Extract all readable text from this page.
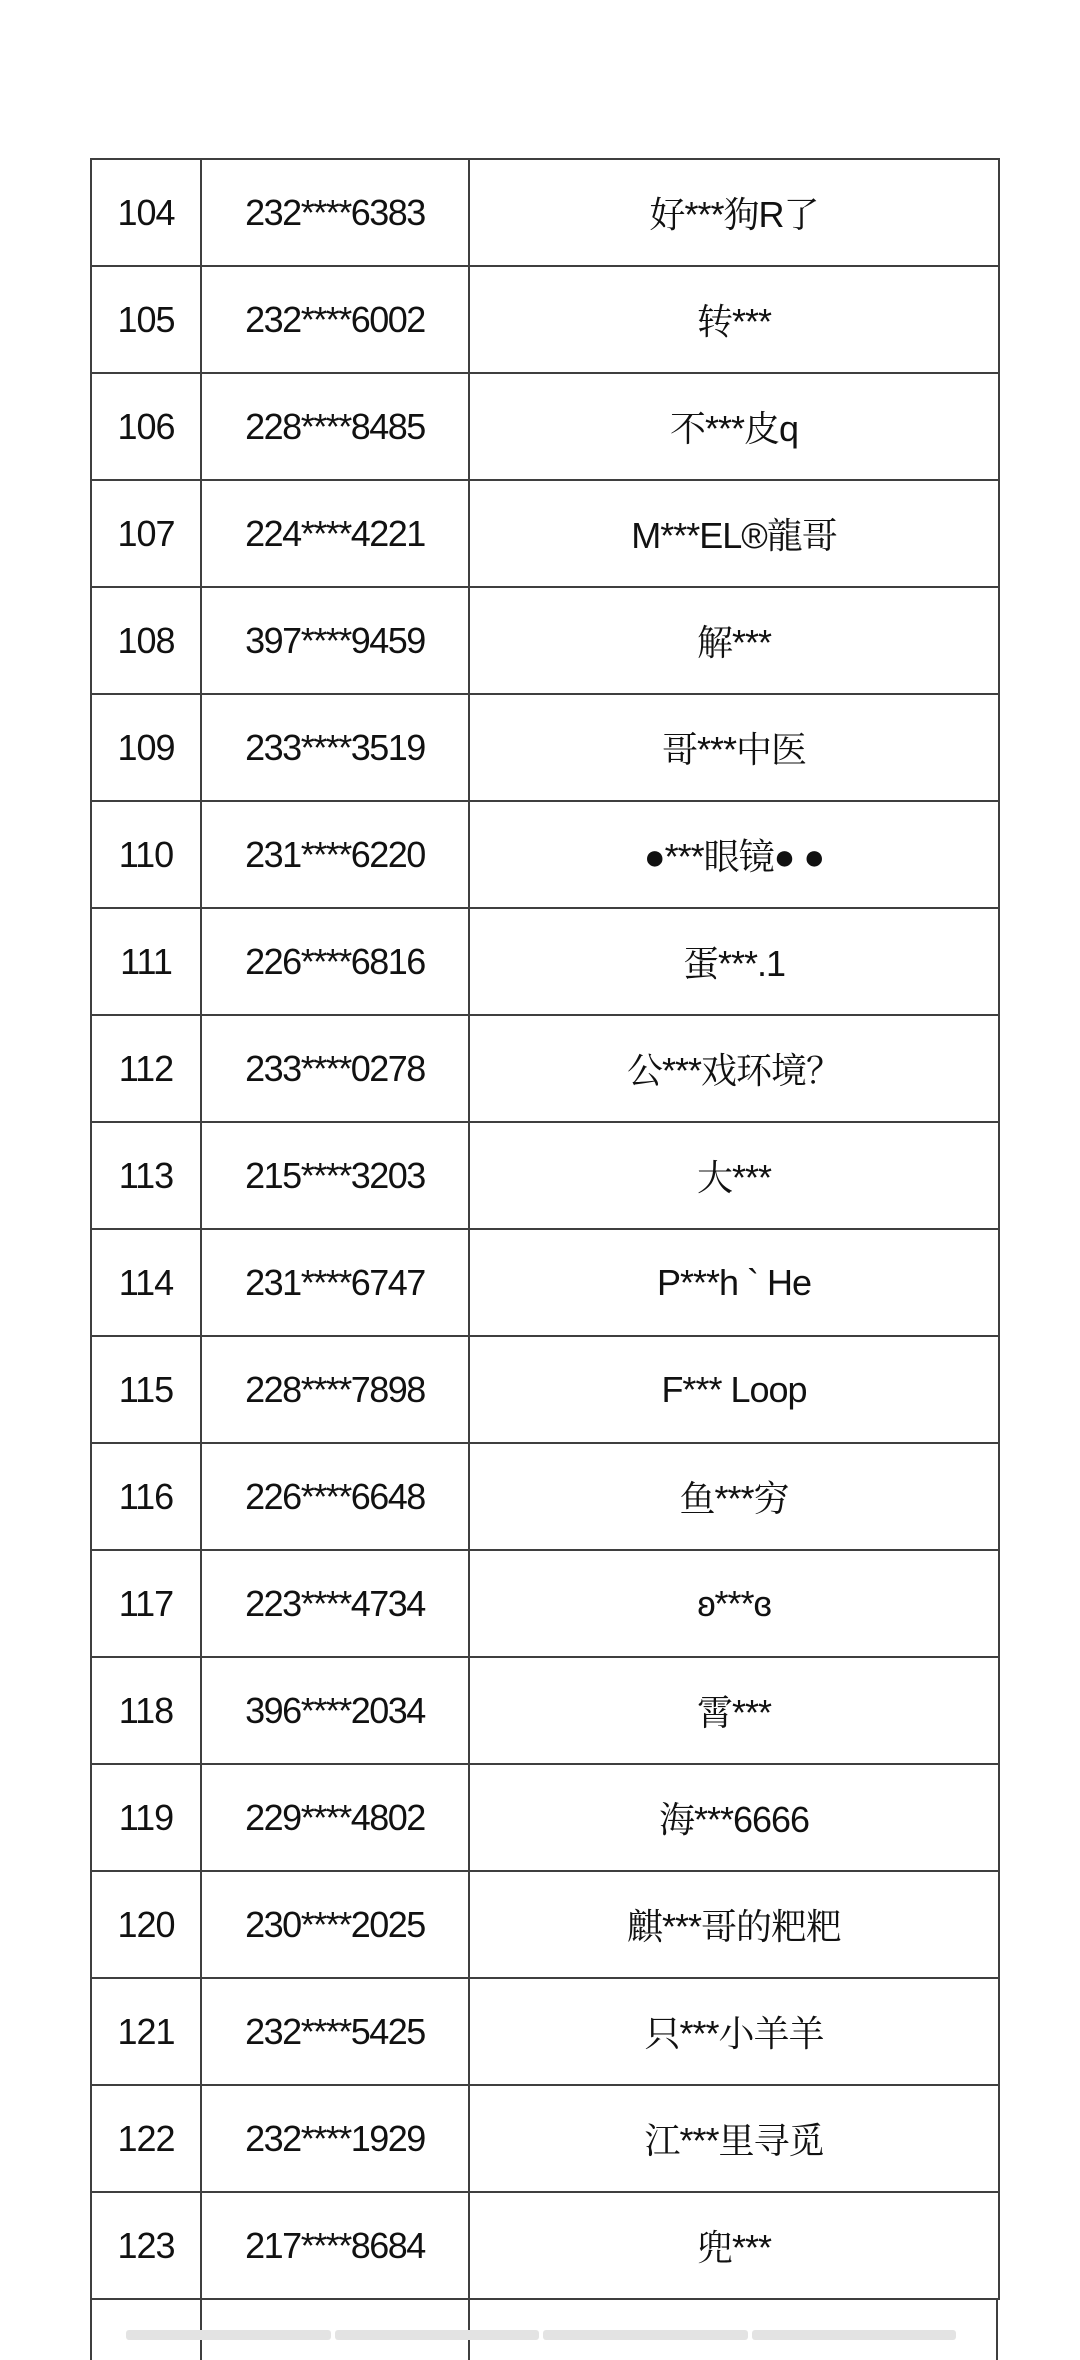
104	232****6383	好***狗R了
105	232****6002	转***
106	228****8485	不***皮q
107	224****4221	M***EL®龍哥
108	397****9459	解***
109	233****3519	哥***中医
110	231****6220	●***眼镜● ●
111	226****6816	蛋***.1
112	233****0278	公***戏环境？
113	215****3203	大***
114	231****6747	P***h ` He
115	228****7898	F*** Loop
116	226****6648	鱼***穷
117	223****4734	ʚ***ɞ
118	396****2034	霄***
119	229****4802	海***6666
120	230****2025	麒***哥的粑粑
121	232****5425	只***小羊羊
122	232****1929	江***里寻觅
123	217****8684	兜***
